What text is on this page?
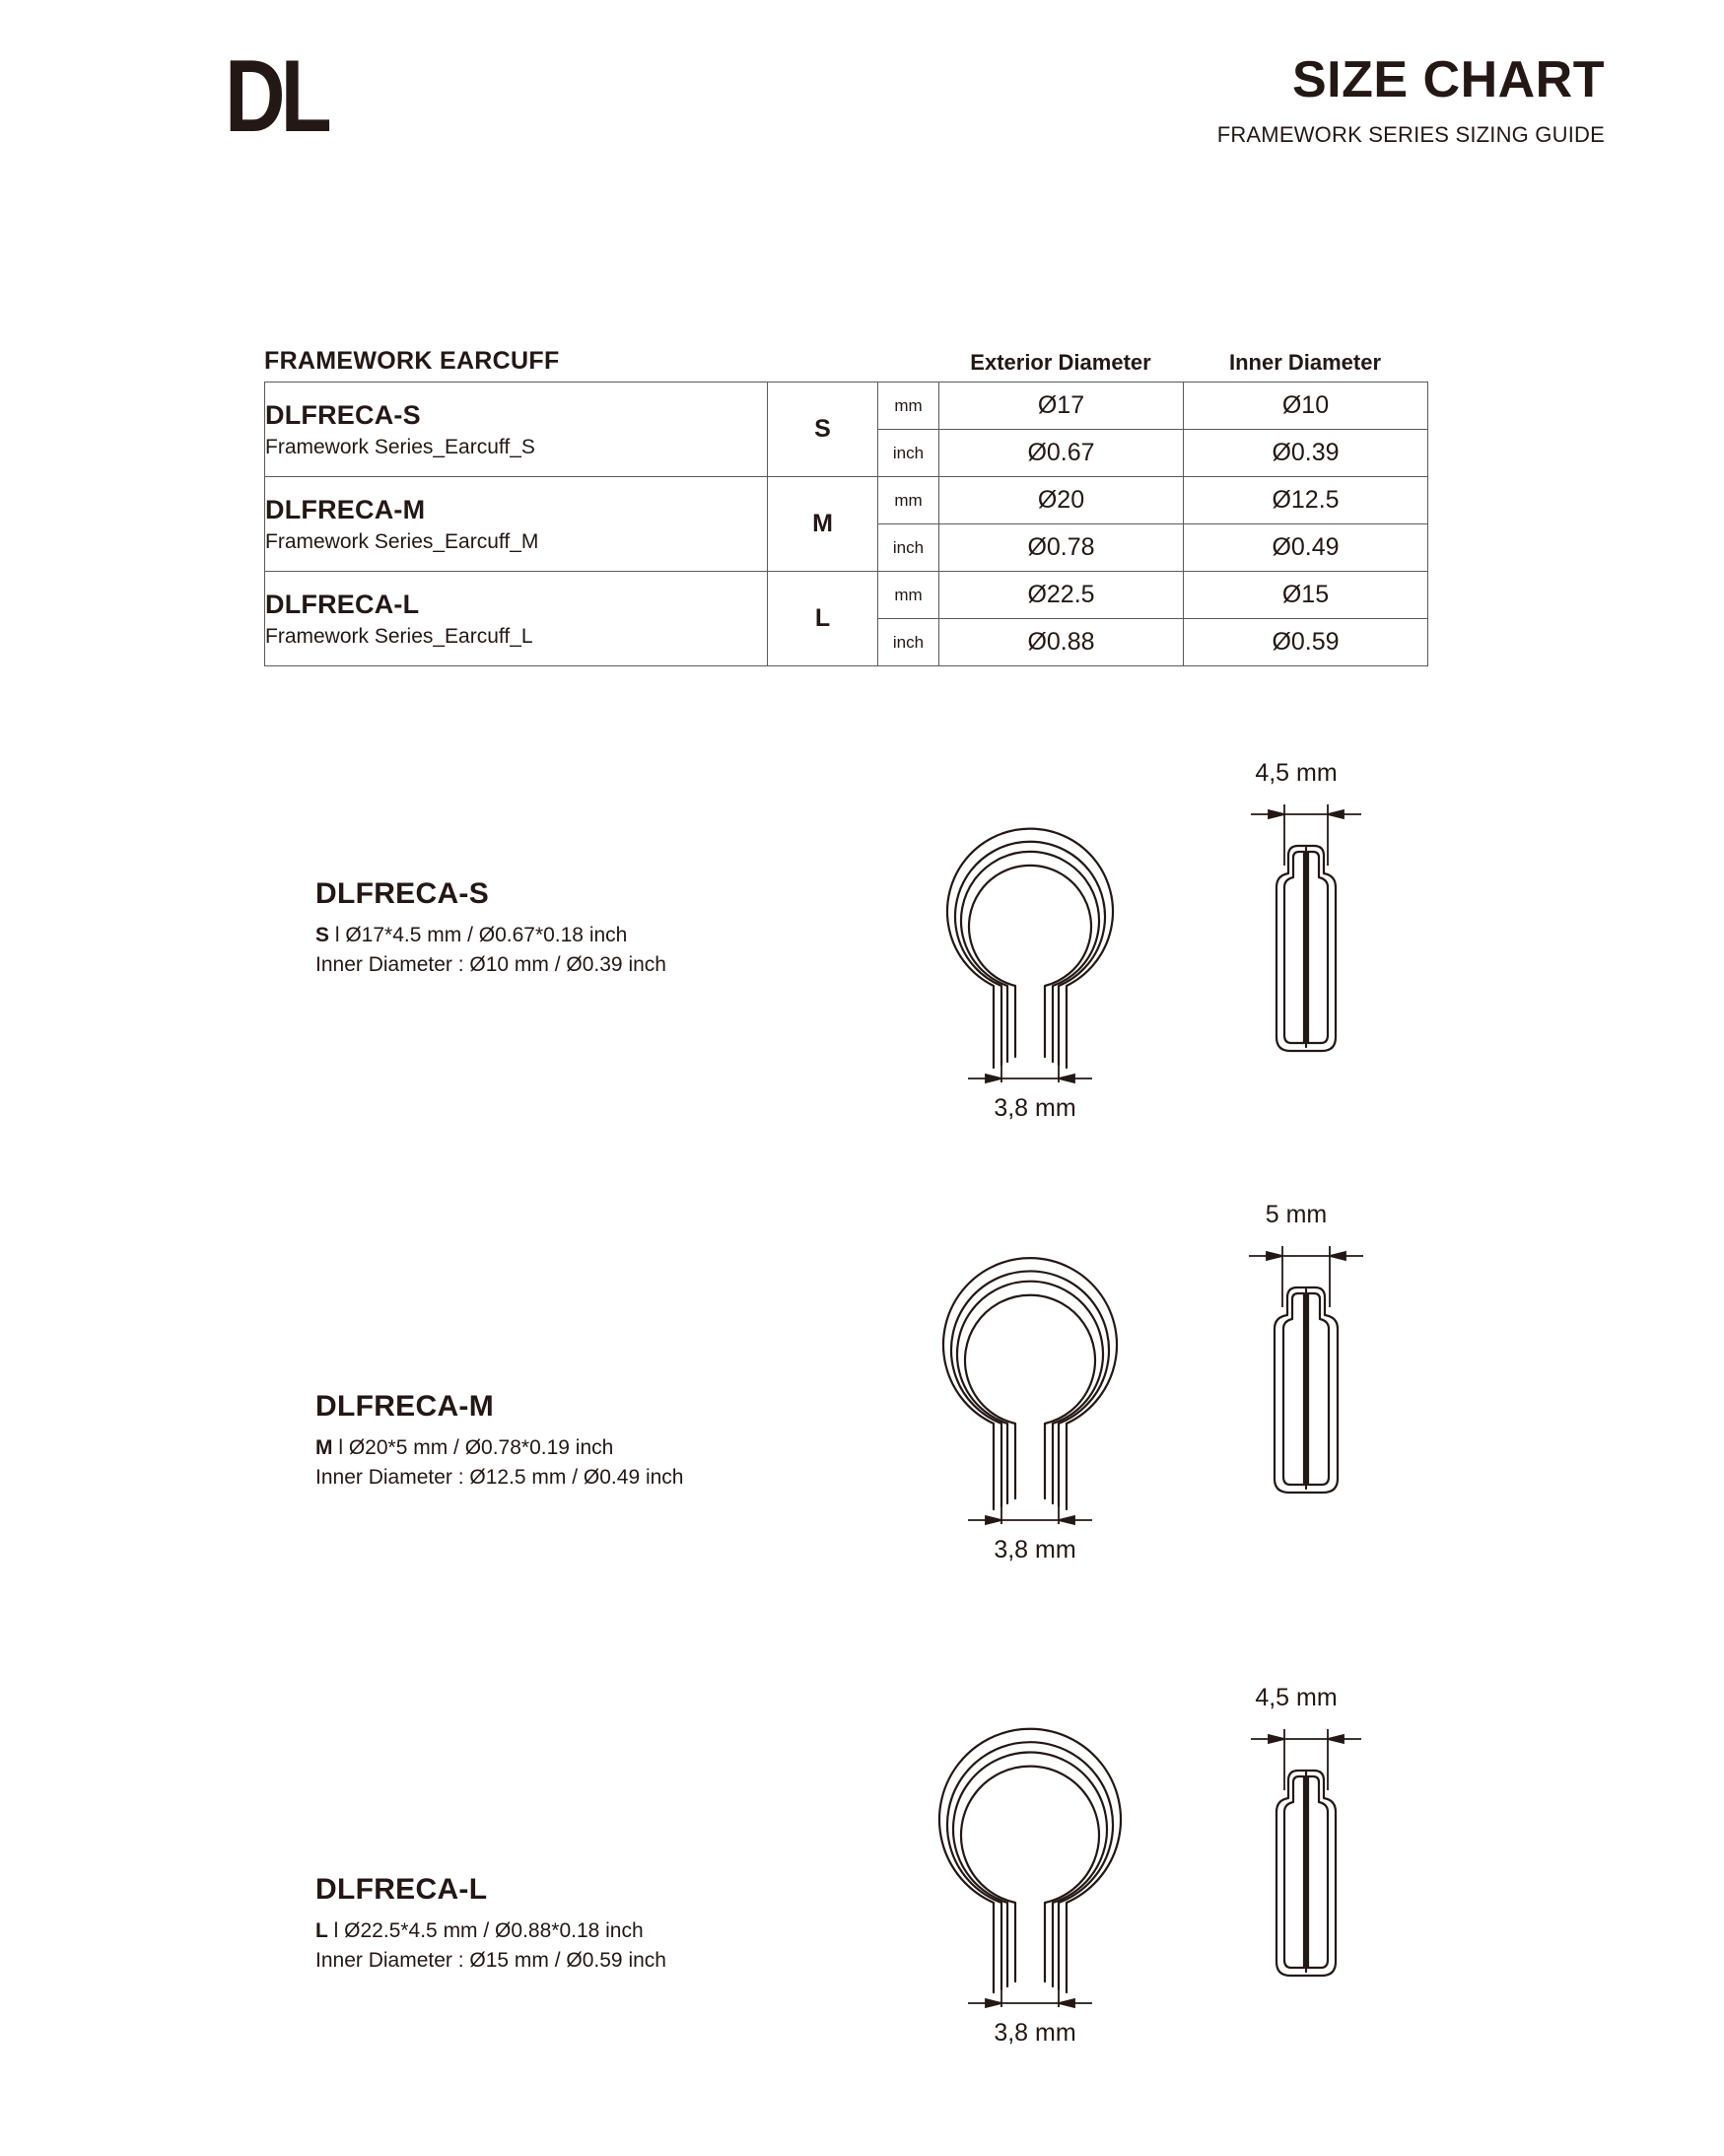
DL	SIZE CHART
FRAMEWORK SERIES SIZING GUIDE
FRAMEWORK EARCUFF	Exterior Diameter	Inner Diameter
DLFRECA-S
Framework Series_Earcuff_S	S	mm	Ø17	Ø10
		inch	Ø0.67	Ø0.39

DLFRECA-M
Framework Series_Earcuff_M	M	mm	Ø20	Ø12.5
		inch	Ø0.78	Ø0.49

DLFRECA-L
Framework Series_Earcuff_L	L	mm	Ø22.5	Ø15
		inch	Ø0.88	Ø0.59
DLFRECA-S
S l Ø17*4.5 mm / Ø0.67*0.18 inch
Inner Diameter : Ø10 mm / Ø0.39 inch
3,8 mm
4,5 mm
DLFRECA-M
M l Ø20*5 mm / Ø0.78*0.19 inch
Inner Diameter : Ø12.5 mm / Ø0.49 inch
3,8 mm
5 mm
DLFRECA-L
L l Ø22.5*4.5 mm / Ø0.88*0.18 inch
Inner Diameter : Ø15 mm / Ø0.59 inch
3,8 mm
4,5 mm
